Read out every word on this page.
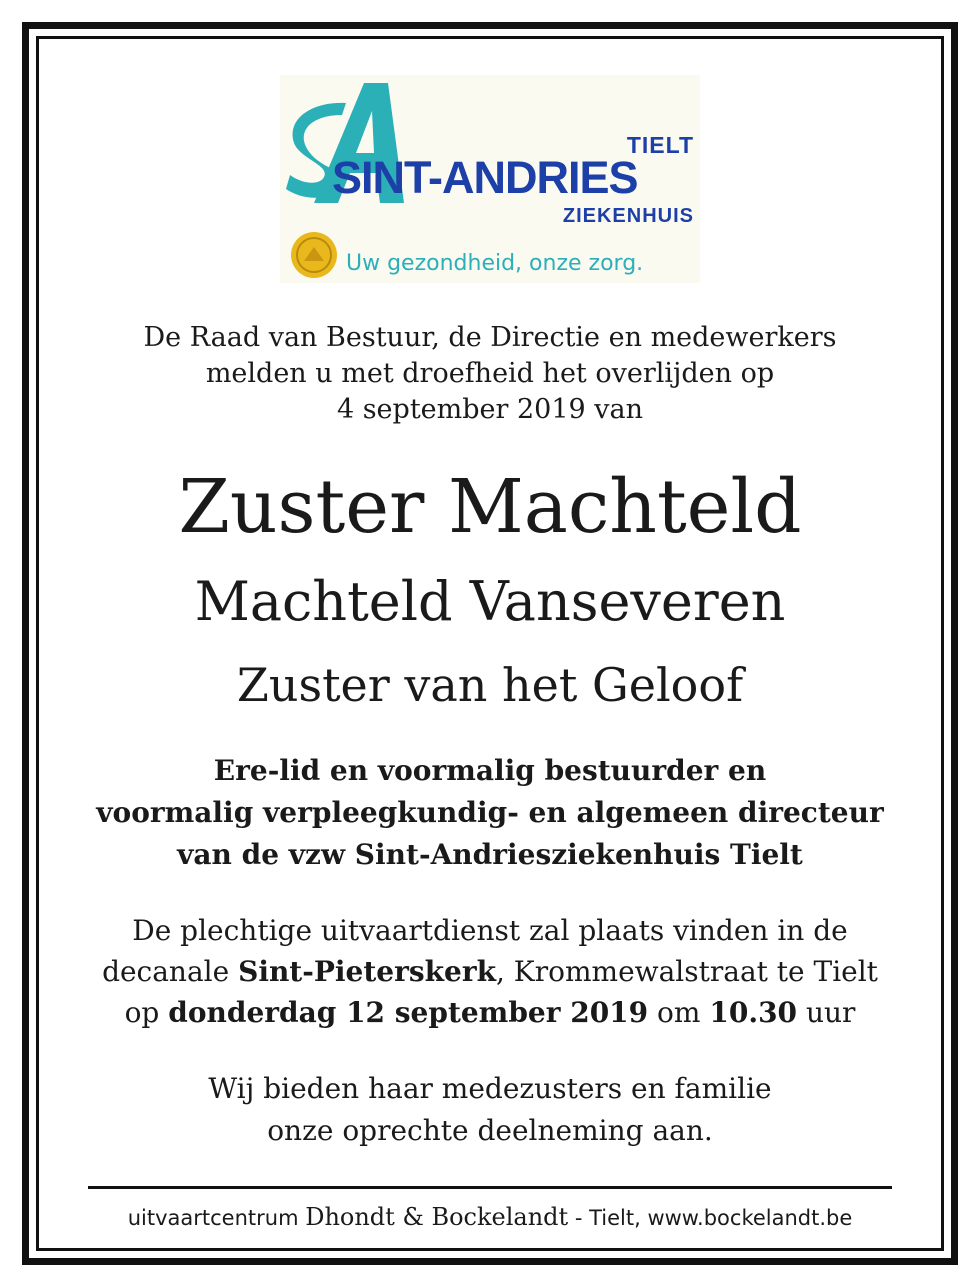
TIELT
SINT-ANDRIES
ZIEKENHUIS
Uw gezondheid, onze zorg.
De Raad van Bestuur, de Directie en medewerkers
melden u met droefheid het overlijden op
4 september 2019 van
Zuster Machteld
Machteld Vanseveren
Zuster van het Geloof
Ere-lid en voormalig bestuurder en
voormalig verpleegkundig- en algemeen directeur
van de vzw Sint-Andriesziekenhuis Tielt
De plechtige uitvaartdienst zal plaats vinden in de
decanale Sint-Pieterskerk, Krommewalstraat te Tielt
op donderdag 12 september 2019 om 10.30 uur
Wij bieden haar medezusters en familie
onze oprechte deelneming aan.
uitvaartcentrum Dhondt & Bockelandt - Tielt, www.bockelandt.be
